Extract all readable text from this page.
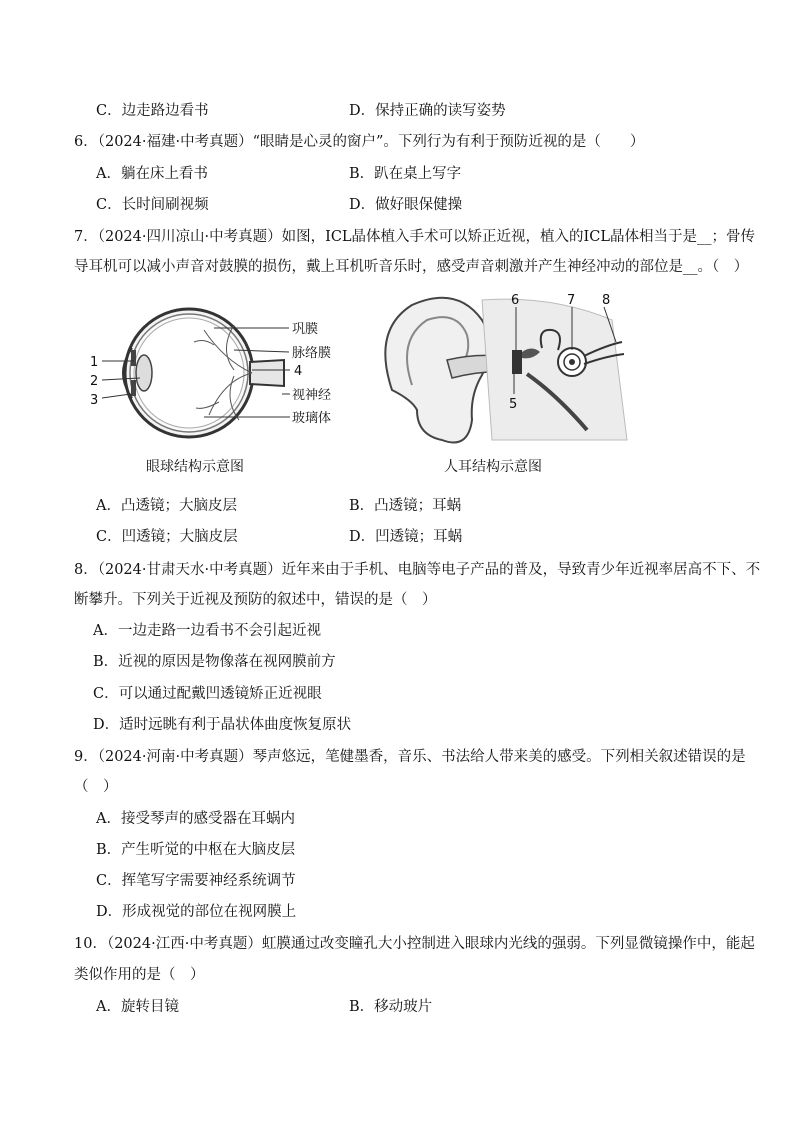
C．边走路边看书	D．保持正确的读写姿势
6．（2024·福建·中考真题）“眼睛是心灵的窗户”。下列行为有利于预防近视的是（　　）
A．躺在床上看书	B．趴在桌上写字
C．长时间刷视频	D．做好眼保健操
7．（2024·四川凉山·中考真题）如图，ICL晶体植入手术可以矫正近视，植入的ICL晶体相当于是__；骨传
导耳机可以减小声音对鼓膜的损伤，戴上耳机听音乐时，感受声音刺激并产生神经冲动的部位是__。（　）
1
2
3
巩膜
脉络膜
4
视神经
玻璃体
眼球结构示意图
6	7 8
5
人耳结构示意图
A．凸透镜；大脑皮层	B．凸透镜；耳蜗
C．凹透镜；大脑皮层	D．凹透镜；耳蜗
8．（2024·甘肃天水·中考真题）近年来由于手机、电脑等电子产品的普及，导致青少年近视率居高不下、不
断攀升。下列关于近视及预防的叙述中，错误的是（　）
A．一边走路一边看书不会引起近视
B．近视的原因是物像落在视网膜前方
C．可以通过配戴凹透镜矫正近视眼
D．适时远眺有利于晶状体曲度恢复原状
9．（2024·河南·中考真题）琴声悠远，笔健墨香，音乐、书法给人带来美的感受。下列相关叙述错误的是
（　）
A．接受琴声的感受器在耳蜗内
B．产生听觉的中枢在大脑皮层
C．挥笔写字需要神经系统调节
D．形成视觉的部位在视网膜上
10．（2024·江西·中考真题）虹膜通过改变瞳孔大小控制进入眼球内光线的强弱。下列显微镜操作中，能起
类似作用的是（　）
A．旋转目镜	B．移动玻片
